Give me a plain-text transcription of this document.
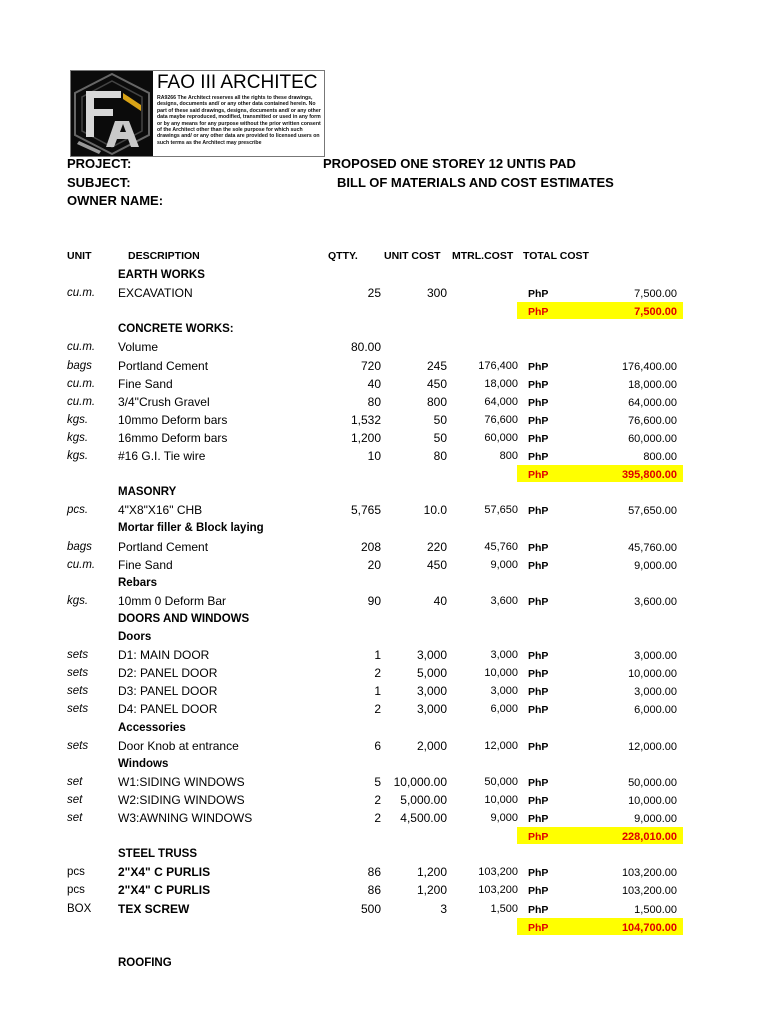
FAO III ARCHITEC
RA9266 The Architect reserves all the rights to these drawings, designs, documents and/ or any other data contained herein. No part of these said drawings, designs, documents and/ or any other data maybe reproduced, modified, transmitted or used in any form or by any means for any purpose without the prior written consent of the Architect other than the sole purpose for which such drawings and/ or any other data are provided to licensed users on such terms as the Architect may prescribe
PROJECT:	PROPOSED ONE STOREY 12 UNTIS PAD
SUBJECT:	BILL OF MATERIALS AND COST ESTIMATES
OWNER NAME:
UNIT	DESCRIPTION	QTTY. UNIT COST MTRL.COST TOTAL COST
EARTH WORKS
cu.m. EXCAVATION	25	300	PhP	7,500.00
PhP	7,500.00
CONCRETE WORKS:
cu.m. Volume	80.00
bags Portland Cement	720	245	176,400 PhP	176,400.00
cu.m. Fine Sand	40	450	18,000 PhP	18,000.00
cu.m. 3/4"Crush Gravel	80	800	64,000 PhP	64,000.00
kgs. 10mmo Deform bars	1,532	50	76,600 PhP	76,600.00
kgs. 16mmo Deform bars	1,200	50	60,000 PhP	60,000.00
kgs. #16 G.I. Tie wire	10	80	800 PhP	800.00
PhP	395,800.00
MASONRY
pcs. 4"X8"X16" CHB	5,765	10.0	57,650 PhP	57,650.00
Mortar filler & Block laying
bags Portland Cement	208	220	45,760 PhP	45,760.00
cu.m. Fine Sand	20	450	9,000 PhP	9,000.00
Rebars
kgs. 10mm 0 Deform Bar	90	40	3,600 PhP	3,600.00
DOORS AND WINDOWS
Doors
sets D1: MAIN DOOR	1	3,000	3,000 PhP	3,000.00
sets D2: PANEL DOOR	2	5,000	10,000 PhP	10,000.00
sets D3: PANEL DOOR	1	3,000	3,000 PhP	3,000.00
sets D4: PANEL DOOR	2	3,000	6,000 PhP	6,000.00
Accessories
sets Door Knob at entrance	6	2,000	12,000 PhP	12,000.00
Windows
set	W1:SIDING WINDOWS	5 10,000.00	50,000 PhP	50,000.00
set	W2:SIDING WINDOWS	2 5,000.00	10,000 PhP	10,000.00
set	W3:AWNING WINDOWS	2 4,500.00	9,000 PhP	9,000.00
PhP	228,010.00
STEEL TRUSS
pcs	2"X4" C PURLIS	86	1,200	103,200 PhP	103,200.00
pcs	2"X4" C PURLIS	86	1,200	103,200 PhP	103,200.00
BOX TEX SCREW	500	3	1,500 PhP	1,500.00
PhP	104,700.00
ROOFING
